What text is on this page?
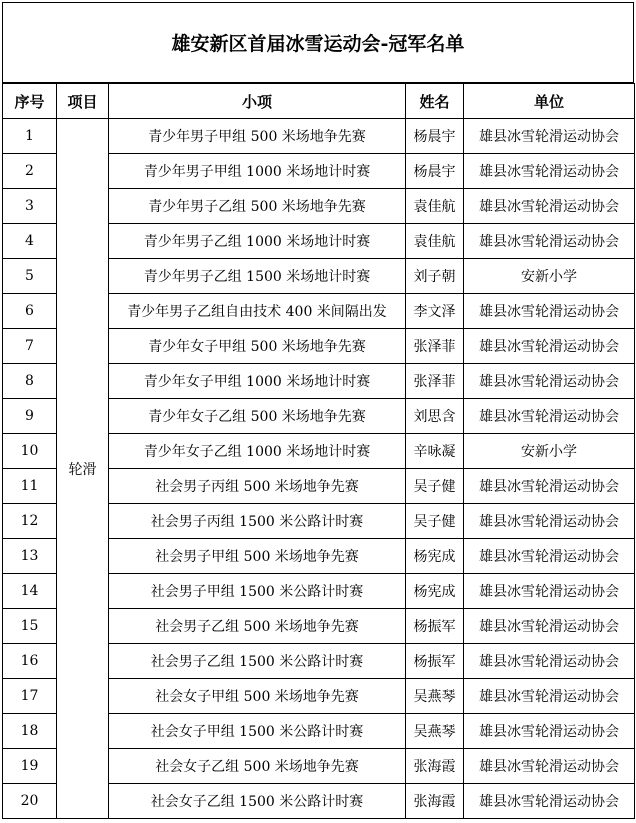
雄安新区首届冰雪运动会-冠军名单
序号	项目	小项	姓名	单位
1	轮滑	青少年男子甲组 500 米场地争先赛	杨晨宇	雄县冰雪轮滑运动协会
2		青少年男子甲组 1000 米场地计时赛	杨晨宇	雄县冰雪轮滑运动协会
3		青少年男子乙组 500 米场地争先赛	袁佳航	雄县冰雪轮滑运动协会
4		青少年男子乙组 1000 米场地计时赛	袁佳航	雄县冰雪轮滑运动协会
5		青少年男子乙组 1500 米场地计时赛	刘子朝	安新小学
6		青少年男子乙组自由技术 400 米间隔出发	李文泽	雄县冰雪轮滑运动协会
7		青少年女子甲组 500 米场地争先赛	张泽菲	雄县冰雪轮滑运动协会
8		青少年女子甲组 1000 米场地计时赛	张泽菲	雄县冰雪轮滑运动协会
9		青少年女子乙组 500 米场地争先赛	刘思含	雄县冰雪轮滑运动协会
10		青少年女子乙组 1000 米场地计时赛	辛咏凝	安新小学
11		社会男子丙组 500 米场地争先赛	吴子健	雄县冰雪轮滑运动协会
12		社会男子丙组 1500 米公路计时赛	吴子健	雄县冰雪轮滑运动协会
13		社会男子甲组 500 米场地争先赛	杨宪成	雄县冰雪轮滑运动协会
14		社会男子甲组 1500 米公路计时赛	杨宪成	雄县冰雪轮滑运动协会
15		社会男子乙组 500 米场地争先赛	杨振军	雄县冰雪轮滑运动协会
16		社会男子乙组 1500 米公路计时赛	杨振军	雄县冰雪轮滑运动协会
17		社会女子甲组 500 米场地争先赛	吴燕琴	雄县冰雪轮滑运动协会
18		社会女子甲组 1500 米公路计时赛	吴燕琴	雄县冰雪轮滑运动协会
19		社会女子乙组 500 米场地争先赛	张海霞	雄县冰雪轮滑运动协会
20		社会女子乙组 1500 米公路计时赛	张海霞	雄县冰雪轮滑运动协会
